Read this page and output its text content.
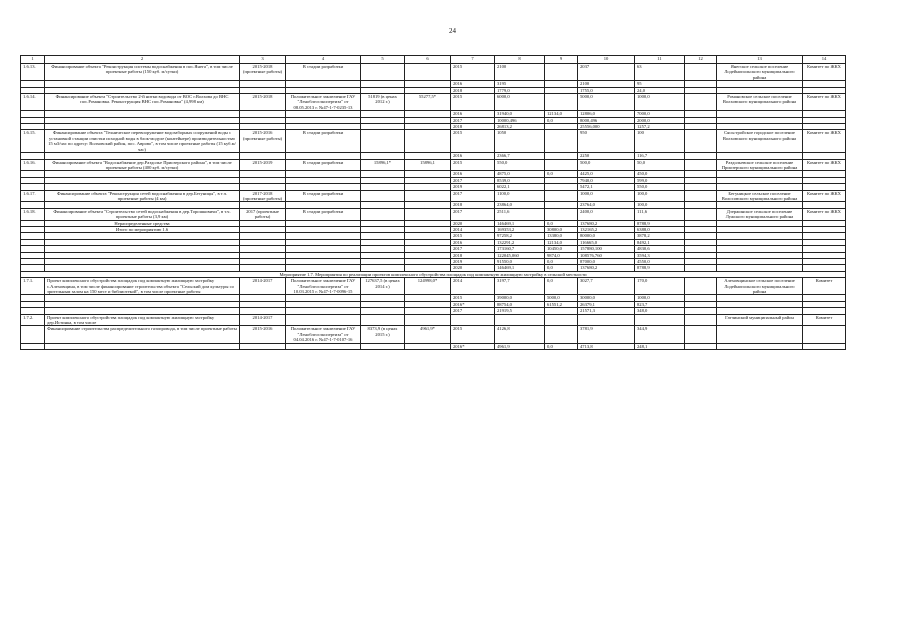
24
1	2	3	4	5	6	7	8	9	10	11	12	13	14
1.6.13.	Финансирование объекта "Реконструкция системы водоснабжения в пос.Янега", в том числе проектные работы (150 куб. м/сутки)	2015-2018 (проектные работы)	В стадии разработки			2015	2100		2037	63		Янегское сельское поселение Лодейнопольского муниципального района	Комитет по ЖКХ
						2016	3195		2100	95			
						2018	1779,0		1755,0	24,0			
1.6.14.	Финансирование объекта "Строительство 2-й нитки водовода от ВОС г.Волхова до ВНС пос.Романовка. Реконструкция ВНС пос.Романовка" (4,998 км)	2015-2018	Положительное заключение ГАУ "Леноблгосэкспертиза" от 08.05.2013 г. №47-1-7-0235-13	51819 (в ценах 2012 г.)	55277,5*	2015	6000,0		5000,0	1000,0		Романовское сельское поселение Волховского муниципального района	Комитет по ЖКХ
						2016	31940,0	12134,0	12806,0	7000,0			
						2017	10000,496	0,0	8000,496	2000,0			
						2018	26813,2		25556,000	1257,2			
1.6.15.	Финансирование объекта "Техническое перевооружение водозаборных сооружений воды с установкой станции очистки исходной воды в блок-модуле (контейнере) производительностью 15 м3/час по адресу: Волховский район, пос. Аврово", в том числе проектные работы (15 куб.м/час)	2015-2016 (проектные работы)	В стадии разработки			2015	1050		950	100		Сясьстройское городское поселение Волховского муниципального района	Комитет по ЖКХ
						2016	2366,7		2250	116,7			
1.6.16.	Финансирование объекта "Водоснабжение дер.Раздолье Приозерского района", в том числе проектные работы (400 куб. м/сутки)	2015-2019	В стадии разработки	15896,1*	15896,1	2015	550,0		500,0	50,0		Раздольевское сельское поселение Приозерского муниципального района	Комитет по ЖКХ
						2016	4875,0	0,0	4425,0	450,0			
						2017	8539,0		7940,0	599,0			
						2019	6022,1		5472,1	550,0			
1.6.17.	Финансирование объекта "Реконструкция сетей водоснабжения в дер.Бегуницы", в т.ч. проектные работы (4 км)	2017-2018 (проектные работы)	В стадии разработки			2017	1100,0		1000,0	100,0		Бегуницкое сельское поселение Волосовского муниципального района	Комитет по ЖКХ
						2018	23864,0		23764,0	100,0			
1.6.18.	Финансирование объекта "Строительство сетей водоснабжения в дер.Торошковичи", в т.ч. проектные работы (3,9 км)	2017 (проектные работы)	В стадии разработки			2017	2511,6		2400,0	111,6		Дзержинское сельское поселение Лужского муниципального района	Комитет по ЖКХ
	Нераспределенные средства					2020	146469,1	0,0	137680,2	8788,9			
	Итого по мероприятию 1.6					2014	169353,2	30800,0	132165,2	6388,0			
						2015	97258,2	13380,0	80000,0	3878,2			
						2016	132291,2	12134,0	116665,0	8492,1			
						2017	173160,7	10450,0	157880,100	4830,6			
						2018	122045,060	9874,0	108576,760	3594,3			
						2019	91550,0	0,0	87000,0	4550,0			
						2020	146469,1	0,0	137680,2	8788,9			
Мероприятие 1.7. Мероприятия по реализации проектов комплексного обустройства площадок под компактную жилищную застройку в сельской местности													
1.7.1.	Проект комплексного обустройства площадок под компактную жилищную застройку с.Алеховщина, в том числе финансирование строительства объекта "Сельский дом культуры со зрительным залом на 150 мест и библиотекой", в том числе проектные работы	2014-2017	Положительное заключение ГАУ "Леноблгосэкспертиза" от 10.03.2015 г. №47-1-7-0096-15	127637,5 (в ценах 2014 г.)	124998,0*	2014	3197,7	0,0	3027,7	170,0		Алеховщинское сельское поселение Лодейнопольского муниципального района	Комитет
						2015	39000,0	5000,0	30000,0	1000,0			
						2016*	88754,0	61551,2	26379,1	823,7			
						2017	21919,5		21571,3	348,0			
1.7.2.	Проект комплексного обустройства площадок под компактную жилищную застройку дер.Истинка, в том числе	2014-2017										Гатчинский муниципальный район	Комитет
	Финансирование строительства распределительного газопровода, в том числе проектные работы	2015-2016	Положительное заключение ГАУ "Леноблгосэкспертиза" от 04.04.2016 г. №47-1-7-0107-16	8373,9 (в ценах 2015 г.)	4961,9*	2015	4126,8		3781,9	344,9			
						2016*	4961,9	0,0	4713,8	248,1			
